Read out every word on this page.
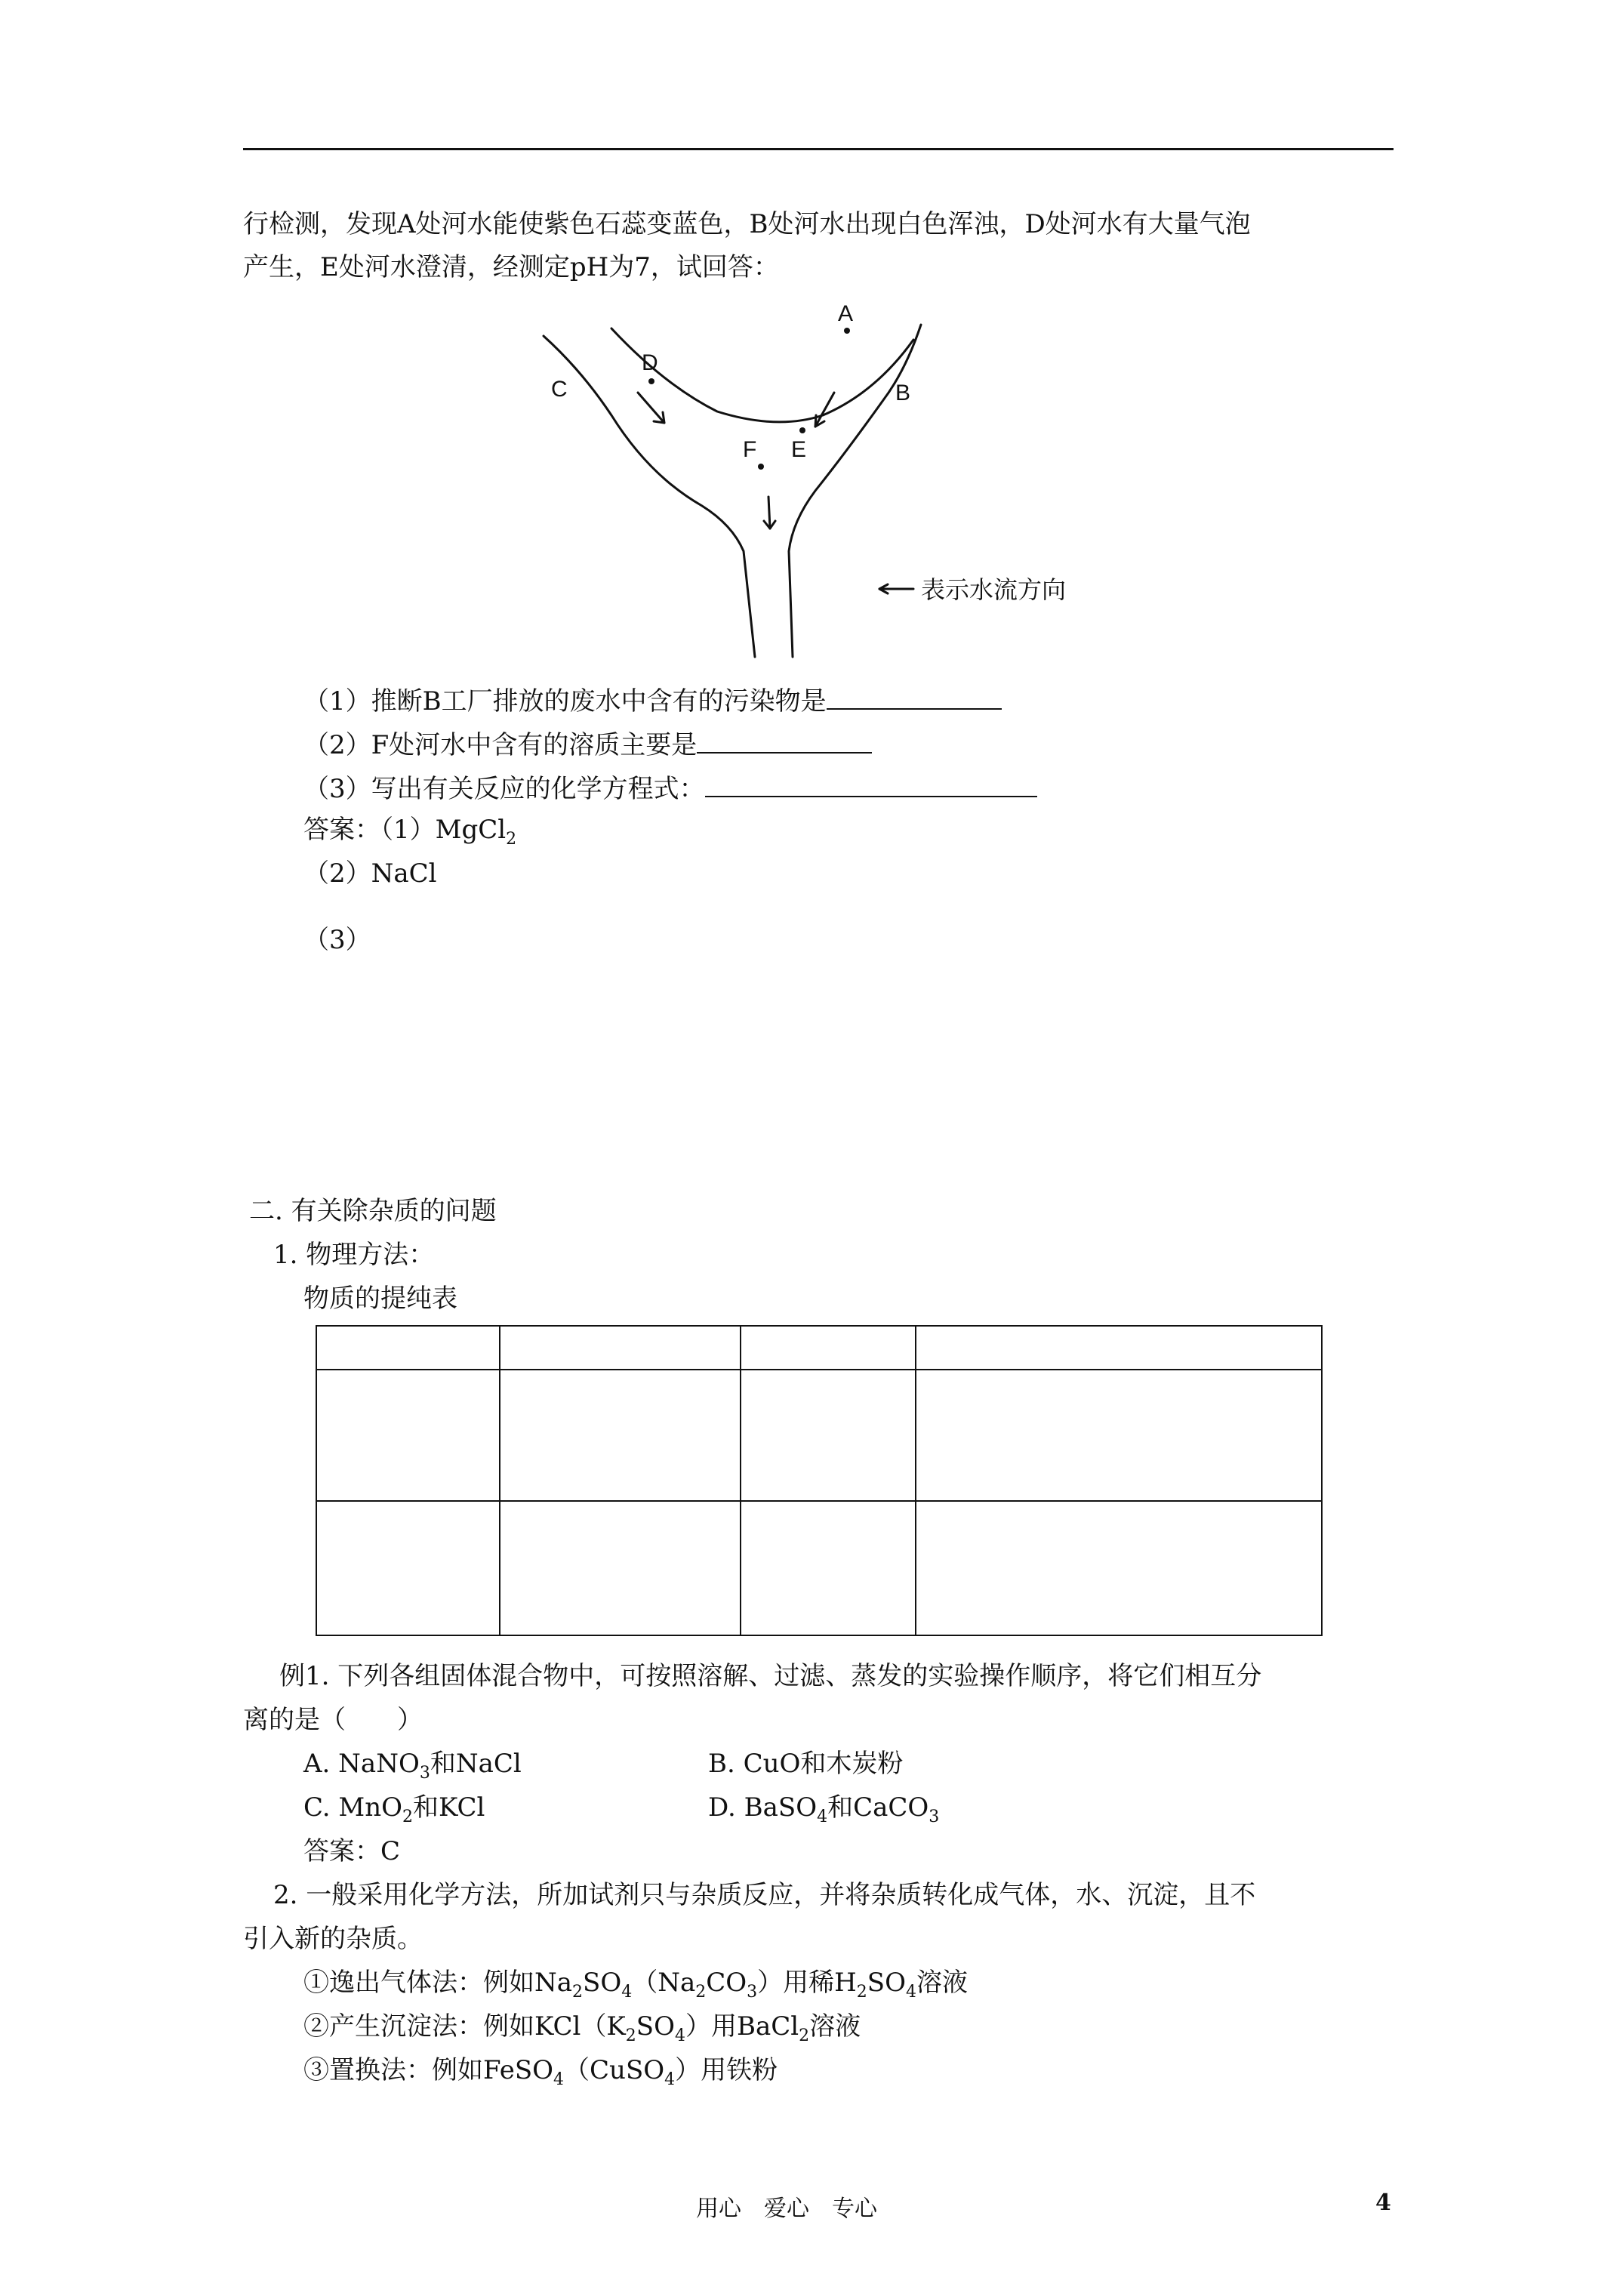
行检测，发现A处河水能使紫色石蕊变蓝色，B处河水出现白色浑浊，D处河水有大量气泡
产生，E处河水澄清，经测定pH为7，试回答：
A
B
C
D
E
F
表示水流方向
（1）推断B工厂排放的废水中含有的污染物是
（2）F处河水中含有的溶质主要是
（3）写出有关反应的化学方程式：
答案：（1）MgCl$_2$
（2）NaCl
（3）
二. 有关除杂质的问题
1. 物理方法：
物质的提纯表

例1. 下列各组固体混合物中，可按照溶解、过滤、蒸发的实验操作顺序，将它们相互分
离的是（　　）
A. NaNO$_3$和NaCl	B. CuO和木炭粉
C. MnO$_2$和KCl	D. BaSO$_4$和CaCO$_3$
答案：C
2. 一般采用化学方法，所加试剂只与杂质反应，并将杂质转化成气体，水、沉淀，且不
引入新的杂质。
①逸出气体法：例如$Na_2SO_4(Na_2CO_3)$用稀$H_2SO_4$溶液
②产生沉淀法：例如$KCl(K_2SO_4)$用BaCl$_2$溶液
③置换法：例如FeSO$_4$（CuSO$_4$）用铁粉
用心　爱心　专心	4
